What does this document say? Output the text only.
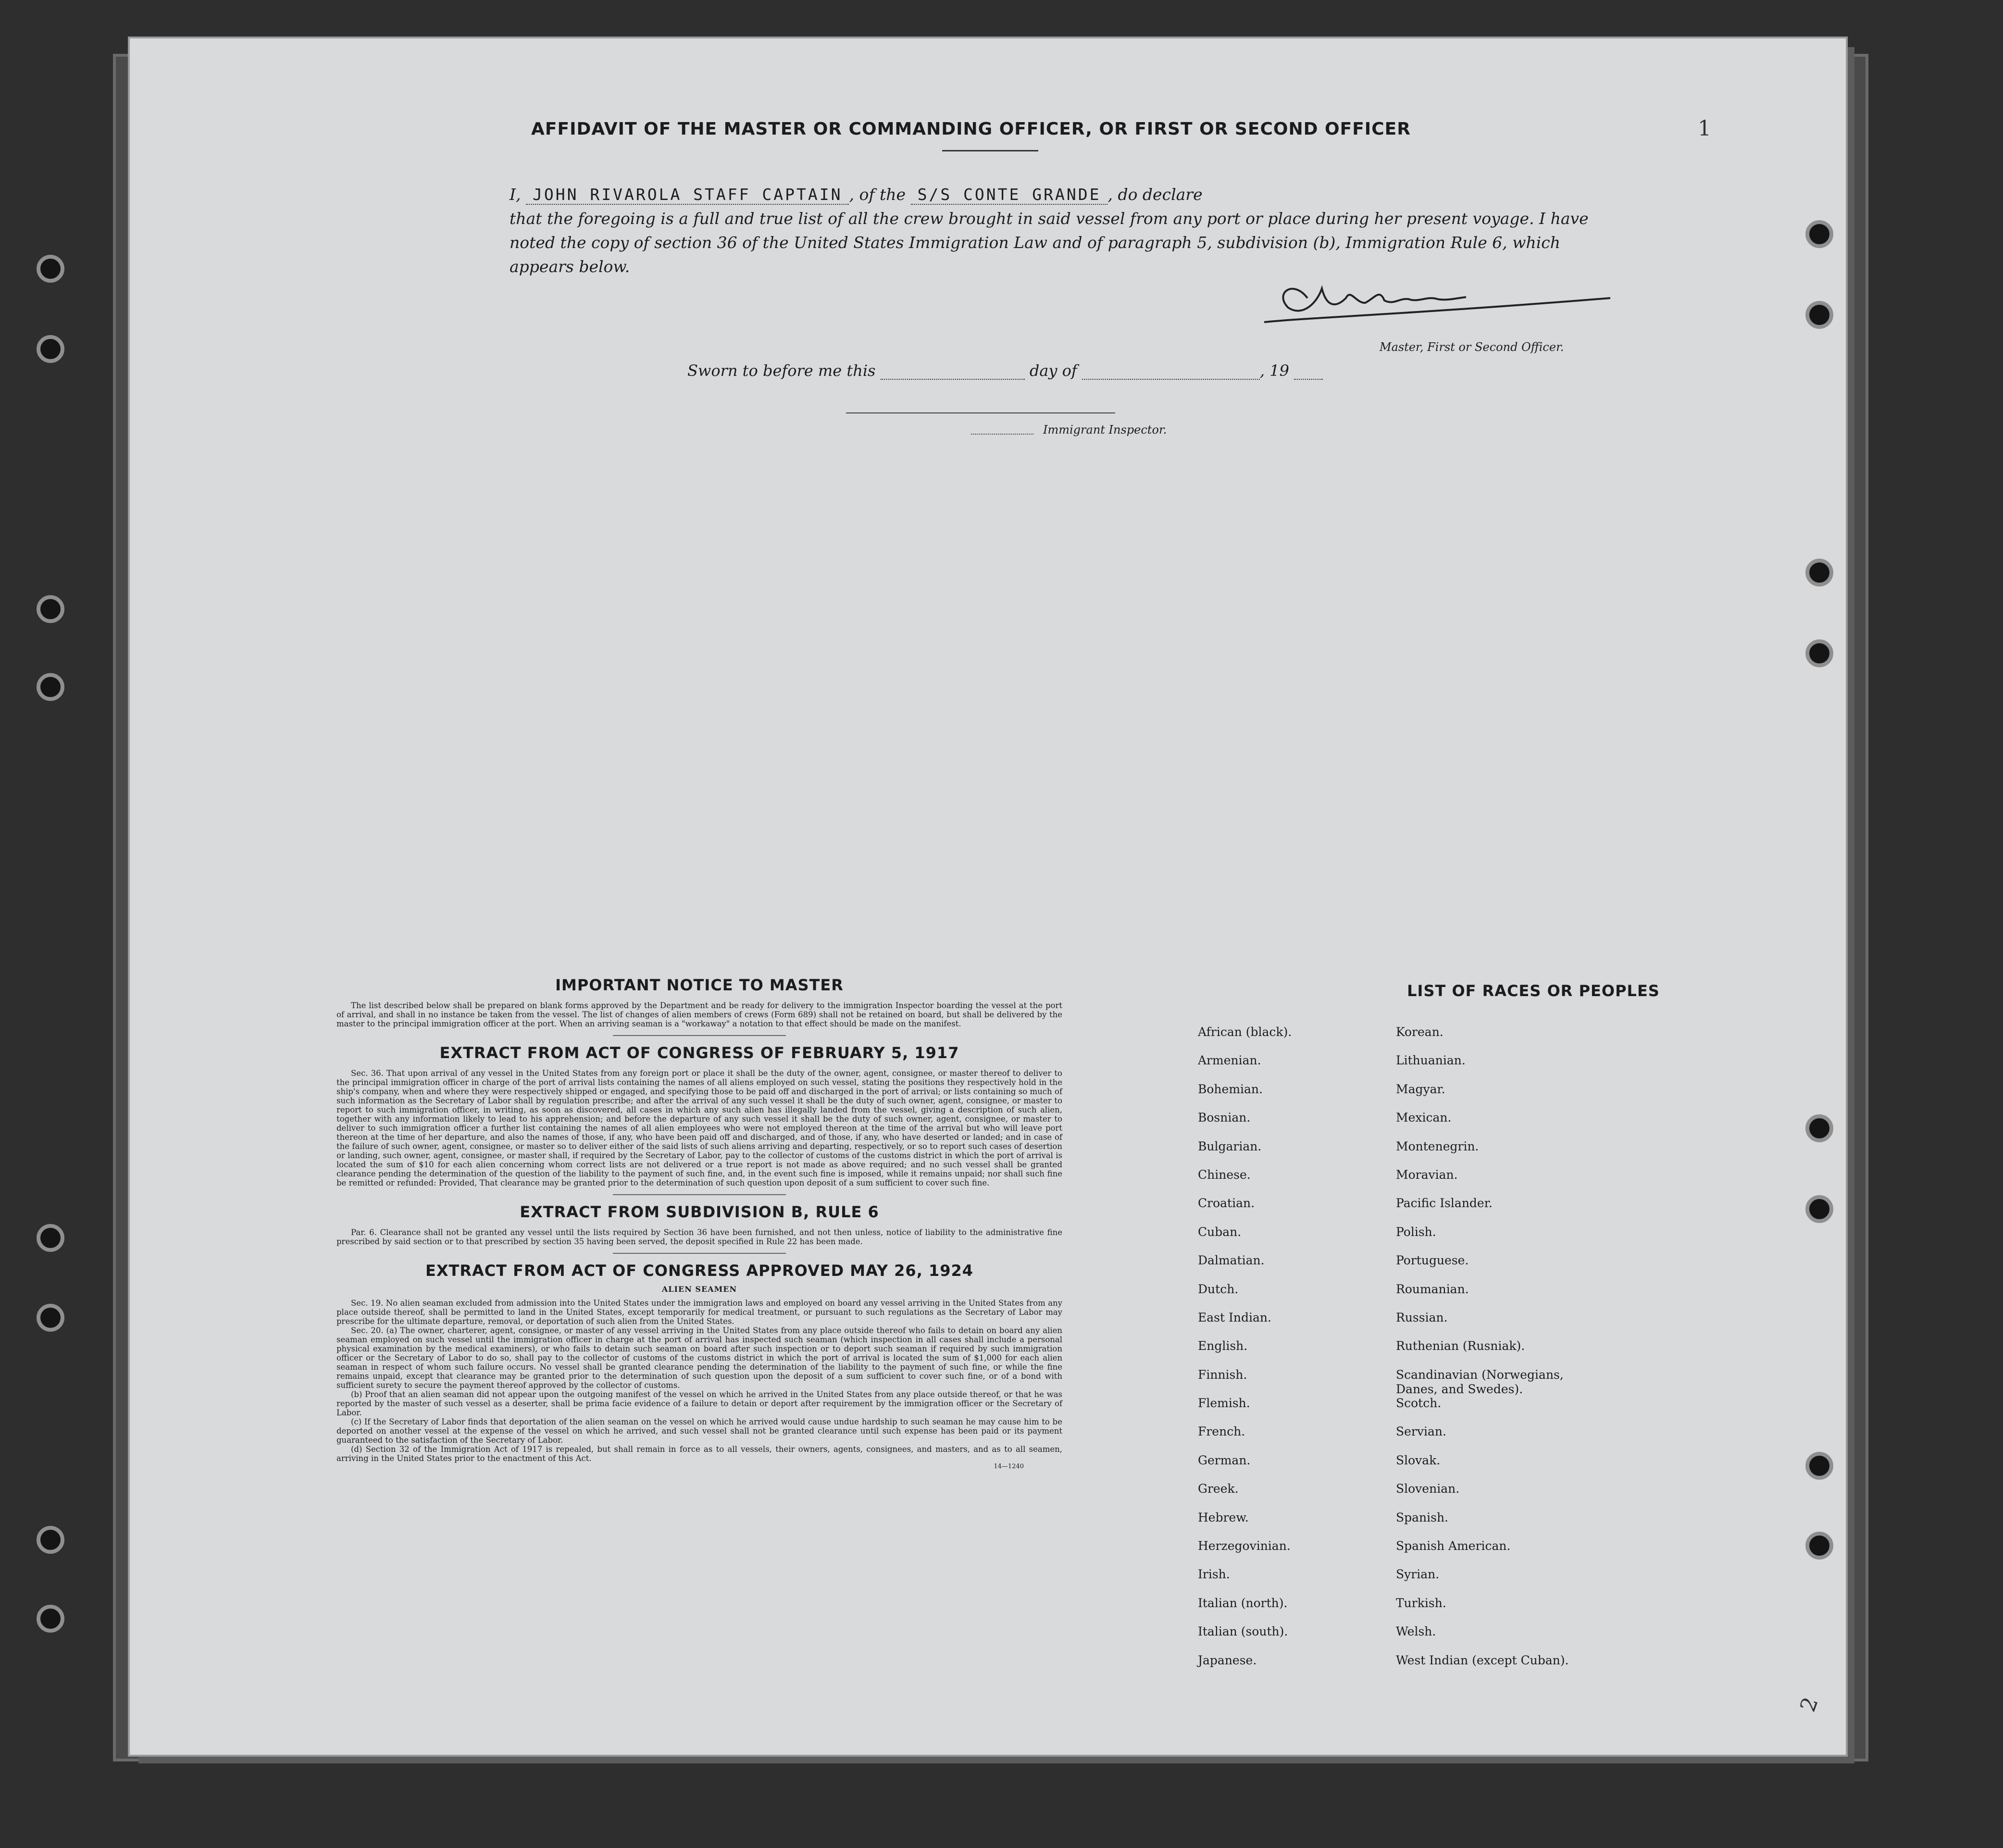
1
2
AFFIDAVIT OF THE MASTER OR COMMANDING OFFICER, OR FIRST OR SECOND OFFICER
I, JOHN RIVAROLA STAFF CAPTAIN , of the S/S CONTE GRANDE , do declare
that the foregoing is a full and true list of all the crew brought in said vessel from any port or place during her present voyage. I have noted the copy of section 36 of the United States Immigration Law and of paragraph 5, subdivision (b), Immigration Rule 6, which appears below.
Master, First or Second Officer.
Sworn to before me this	day of	, 19
Immigrant Inspector.
IMPORTANT NOTICE TO MASTER

The list described below shall be prepared on blank forms approved by the Department and be ready for delivery to the immigration Inspector boarding the vessel at the port of arrival, and shall in no instance be taken from the vessel. The list of changes of alien members of crews (Form 689) shall not be retained on board, but shall be delivered by the master to the principal immigration officer at the port. When an arriving seaman is a "workaway" a notation to that effect should be made on the manifest.

EXTRACT FROM ACT OF CONGRESS OF FEBRUARY 5, 1917

Sec. 36. That upon arrival of any vessel in the United States from any foreign port or place it shall be the duty of the owner, agent, consignee, or master thereof to deliver to the principal immigration officer in charge of the port of arrival lists containing the names of all aliens employed on such vessel, stating the positions they respectively hold in the ship's company, when and where they were respectively shipped or engaged, and specifying those to be paid off and discharged in the port of arrival; or lists containing so much of such information as the Secretary of Labor shall by regulation prescribe; and after the arrival of any such vessel it shall be the duty of such owner, agent, consignee, or master to report to such immigration officer, in writing, as soon as discovered, all cases in which any such alien has illegally landed from the vessel, giving a description of such alien, together with any information likely to lead to his apprehension; and before the departure of any such vessel it shall be the duty of such owner, agent, consignee, or master to deliver to such immigration officer a further list containing the names of all alien employees who were not employed thereon at the time of the arrival but who will leave port thereon at the time of her departure, and also the names of those, if any, who have been paid off and discharged, and of those, if any, who have deserted or landed; and in case of the failure of such owner, agent, consignee, or master so to deliver either of the said lists of such aliens arriving and departing, respectively, or so to report such cases of desertion or landing, such owner, agent, consignee, or master shall, if required by the Secretary of Labor, pay to the collector of customs of the customs district in which the port of arrival is located the sum of $10 for each alien concerning whom correct lists are not delivered or a true report is not made as above required; and no such vessel shall be granted clearance pending the determination of the question of the liability to the payment of such fine, and, in the event such fine is imposed, while it remains unpaid; nor shall such fine be remitted or refunded: Provided, That clearance may be granted prior to the determination of such question upon deposit of a sum sufficient to cover such fine.

EXTRACT FROM SUBDIVISION B, RULE 6

Par. 6. Clearance shall not be granted any vessel until the lists required by Section 36 have been furnished, and not then unless, notice of liability to the administrative fine prescribed by said section or to that prescribed by section 35 having been served, the deposit specified in Rule 22 has been made.

EXTRACT FROM ACT OF CONGRESS APPROVED MAY 26, 1924
ALIEN SEAMEN

Sec. 19. No alien seaman excluded from admission into the United States under the immigration laws and employed on board any vessel arriving in the United States from any place outside thereof, shall be permitted to land in the United States, except temporarily for medical treatment, or pursuant to such regulations as the Secretary of Labor may prescribe for the ultimate departure, removal, or deportation of such alien from the United States.

Sec. 20. (a) The owner, charterer, agent, consignee, or master of any vessel arriving in the United States from any place outside thereof who fails to detain on board any alien seaman employed on such vessel until the immigration officer in charge at the port of arrival has inspected such seaman (which inspection in all cases shall include a personal physical examination by the medical examiners), or who fails to detain such seaman on board after such inspection or to deport such seaman if required by such immigration officer or the Secretary of Labor to do so, shall pay to the collector of customs of the customs district in which the port of arrival is located the sum of $1,000 for each alien seaman in respect of whom such failure occurs. No vessel shall be granted clearance pending the determination of the liability to the payment of such fine, or while the fine remains unpaid, except that clearance may be granted prior to the determination of such question upon the deposit of a sum sufficient to cover such fine, or of a bond with sufficient surety to secure the payment thereof approved by the collector of customs.

(b) Proof that an alien seaman did not appear upon the outgoing manifest of the vessel on which he arrived in the United States from any place outside thereof, or that he was reported by the master of such vessel as a deserter, shall be prima facie evidence of a failure to detain or deport after requirement by the immigration officer or the Secretary of Labor.

(c) If the Secretary of Labor finds that deportation of the alien seaman on the vessel on which he arrived would cause undue hardship to such seaman he may cause him to be deported on another vessel at the expense of the vessel on which he arrived, and such vessel shall not be granted clearance until such expense has been paid or its payment guaranteed to the satisfaction of the Secretary of Labor.

(d) Section 32 of the Immigration Act of 1917 is repealed, but shall remain in force as to all vessels, their owners, agents, consignees, and masters, and as to all seamen, arriving in the United States prior to the enactment of this Act.

14—1240
LIST OF RACES OR PEOPLES
African (black).
Armenian.
Bohemian.
Bosnian.
Bulgarian.
Chinese.
Croatian.
Cuban.
Dalmatian.
Dutch.
East Indian.
English.
Finnish.
Flemish.
French.
German.
Greek.
Hebrew.
Herzegovinian.
Irish.
Italian (north).
Italian (south).
Japanese.
Korean.
Lithuanian.
Magyar.
Mexican.
Montenegrin.
Moravian.
Pacific Islander.
Polish.
Portuguese.
Roumanian.
Russian.
Ruthenian (Rusniak).
Scandinavian (Norwegians, Danes, and Swedes).
Scotch.
Servian.
Slovak.
Slovenian.
Spanish.
Spanish American.
Syrian.
Turkish.
Welsh.
West Indian (except Cuban).
